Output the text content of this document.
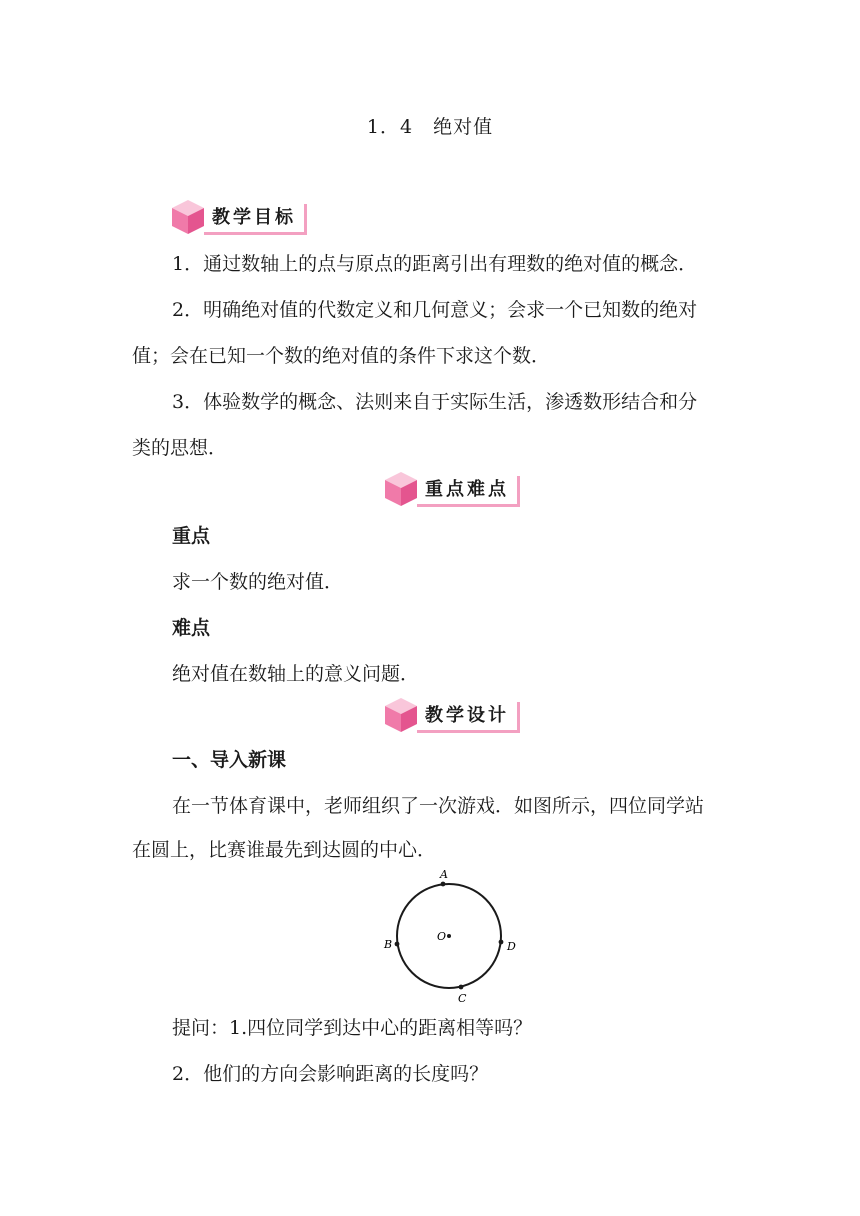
1．4　绝对值
教学目标
1．通过数轴上的点与原点的距离引出有理数的绝对值的概念．
2．明确绝对值的代数定义和几何意义；会求一个已知数的绝对
值；会在已知一个数的绝对值的条件下求这个数．
3．体验数学的概念、法则来自于实际生活，渗透数形结合和分
类的思想．
重点难点
重点
求一个数的绝对值．
难点
绝对值在数轴上的意义问题．
教学设计
一、导入新课
在一节体育课中，老师组织了一次游戏．如图所示，四位同学站
在圆上，比赛谁最先到达圆的中心．
A
B
C
D
O
提问：1.四位同学到达中心的距离相等吗？
2．他们的方向会影响距离的长度吗？
